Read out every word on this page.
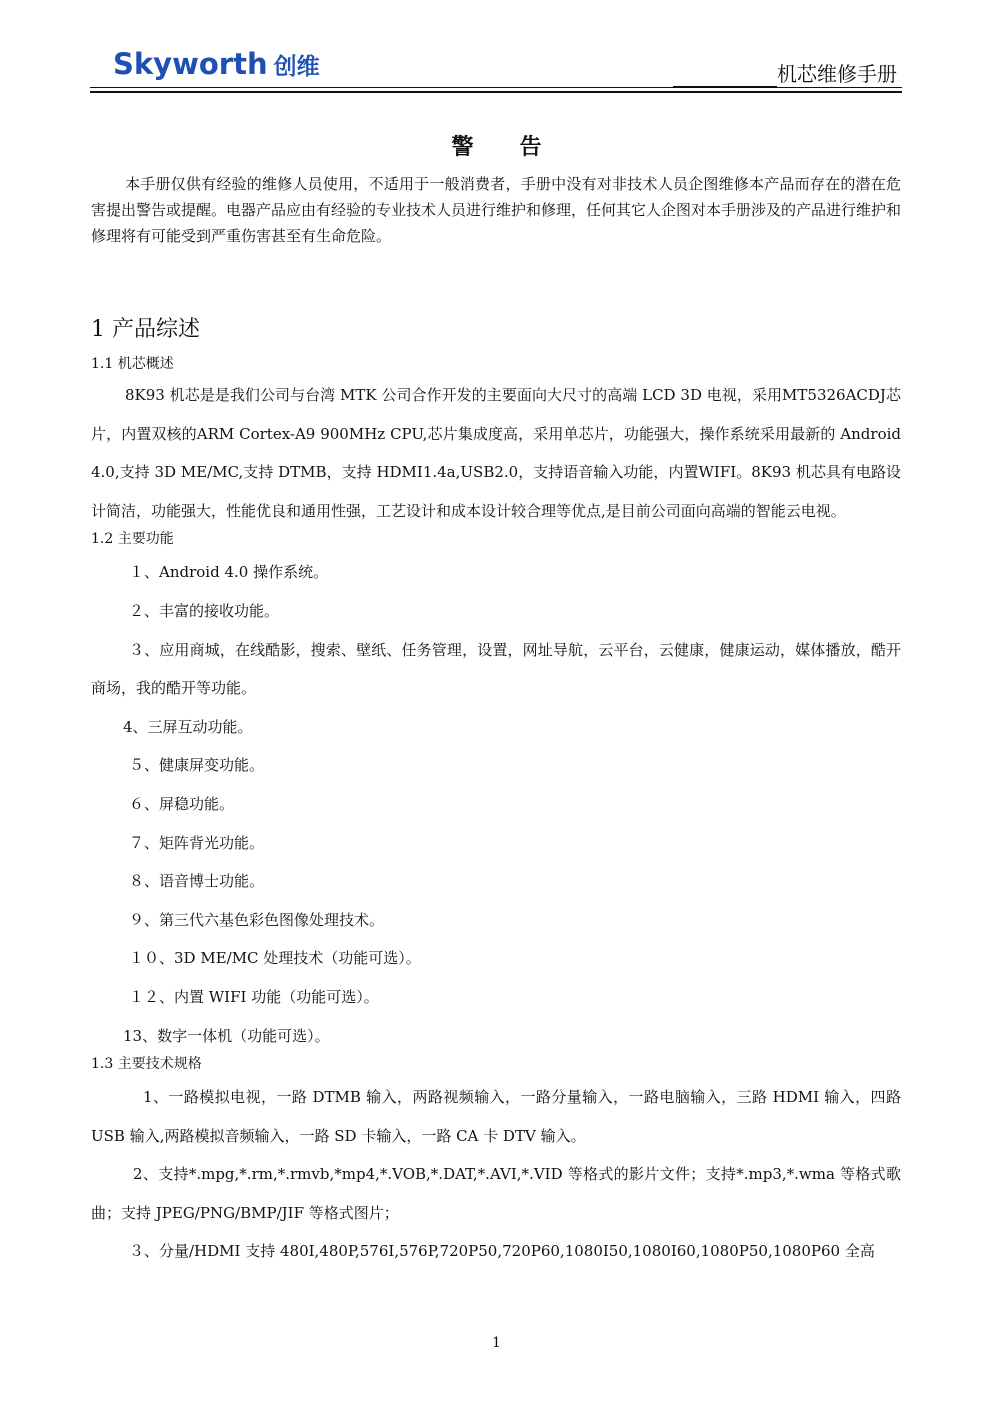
Skyworth 创维	机芯维修手册
警告

本手册仅供有经验的维修人员使用，不适用于一般消费者，手册中没有对非技术人员企图维修本产品而存在的潜在危害提出警告或提醒。电器产品应由有经验的专业技术人员进行维护和修理，任何其它人企图对本手册涉及的产品进行维护和修理将有可能受到严重伤害甚至有生命危险。

1 产品综述

1.1 机芯概述

8K93 机芯是是我们公司与台湾 MTK 公司合作开发的主要面向大尺寸的高端 LCD 3D 电视，采用MT5326ACDJ芯片，内置双核的ARM Cortex-A9 900MHz CPU,芯片集成度高，采用单芯片，功能强大，操作系统采用最新的 Android 4.0,支持 3D ME/MC,支持 DTMB，支持 HDMI1.4a,USB2.0，支持语音输入功能，内置WIFI。8K93 机芯具有电路设计简洁，功能强大，性能优良和通用性强，工艺设计和成本设计较合理等优点,是目前公司面向高端的智能云电视。

1.2 主要功能

１、Android 4.0 操作系统。

２、丰富的接收功能。

３、应用商城，在线酷影，搜索、壁纸、任务管理，设置，网址导航，云平台，云健康，健康运动，媒体播放，酷开商场，我的酷开等功能。

4、三屏互动功能。

５、健康屏变功能。

６、屏稳功能。

７、矩阵背光功能。

８、语音博士功能。

９、第三代六基色彩色图像处理技术。

１０、3D ME/MC 处理技术（功能可选）。

１２、内置 WIFI 功能（功能可选）。

13、数字一体机（功能可选）。

1.3 主要技术规格

1、一路模拟电视，一路 DTMB 输入，两路视频输入，一路分量输入，一路电脑输入，三路 HDMI 输入，四路 USB 输入,两路模拟音频输入，一路 SD 卡输入，一路 CA 卡 DTV 输入。

2、支持*.mpg,*.rm,*.rmvb,*mp4,*.VOB,*.DAT,*.AVI,*.VID 等格式的影片文件；支持*.mp3,*.wma 等格式歌曲；支持 JPEG/PNG/BMP/JIF 等格式图片；

３、分量/HDMI 支持 480I,480P,576I,576P,720P50,720P60,1080I50,1080I60,1080P50,1080P60 全高

1
